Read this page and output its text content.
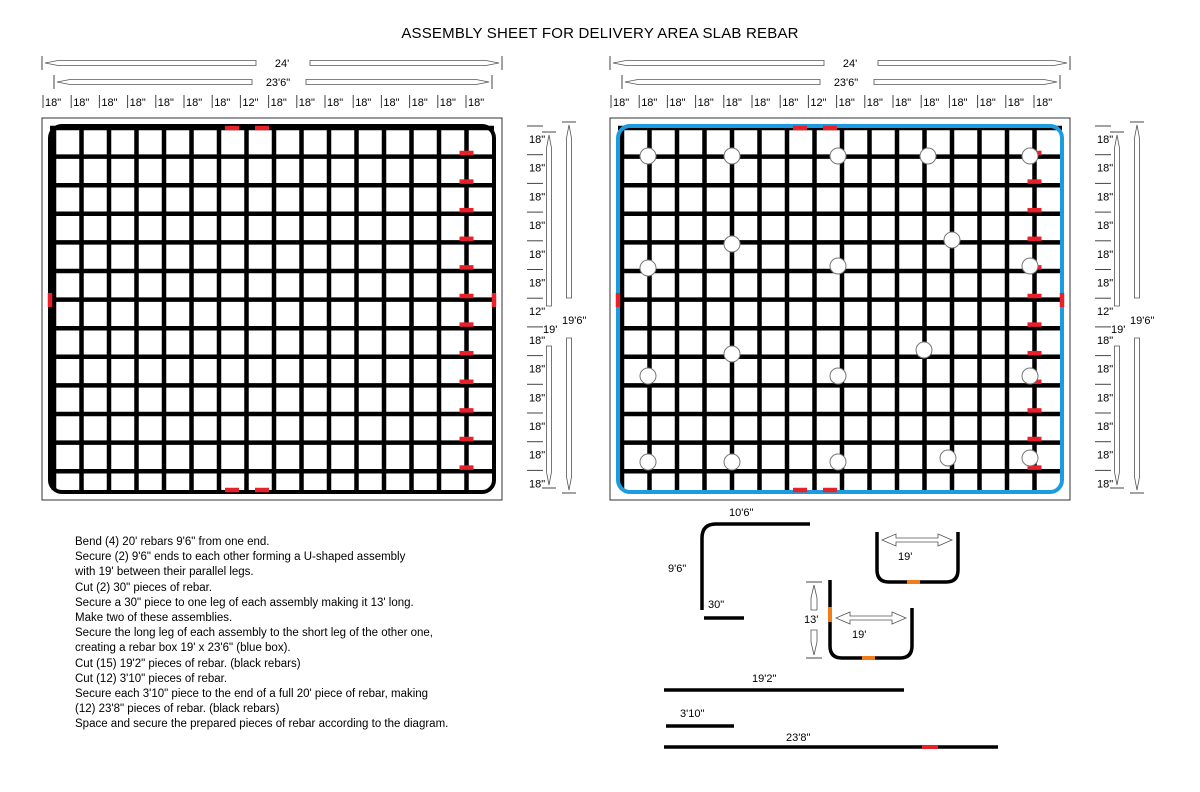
ASSEMBLY SHEET FOR DELIVERY AREA SLAB REBAR
18" 18" 18" 18" 18" 18" 18" 12" 18" 18" 18" 18" 18" 18" 18" 18"
24'
23'6"
18"
18"
18"
18"
18"
18"
12"
18"
18"
18"
18"
18"
18"
19'6"
19'
18" 18" 18" 18" 18" 18" 18" 12" 18" 18" 18" 18" 18" 18" 18" 18"
24'
23'6"
18"
18"
18"
18"
18"
18"
12"
18"
18"
18"
18"
18"
18"
19'6"
19'
10'6"
9'6"
30"
19'
19'
13'
19'2"
3'10"
23'8"
Bend (4) 20' rebars 9'6" from one end.
Secure (2) 9'6" ends to each other forming a U-shaped assembly
with 19' between their parallel legs.
Cut (2) 30" pieces of rebar.
Secure a 30" piece to one leg of each assembly making it 13' long.
Make two of these assemblies.
Secure the long leg of each assembly to the short leg of the other one,
creating a rebar box 19' x 23'6" (blue box).
Cut (15) 19'2" pieces of rebar. (black rebars)
Cut (12) 3'10" pieces of rebar.
Secure each 3'10" piece to the end of a full 20' piece of rebar, making
(12) 23'8" pieces of rebar. (black rebars)
Space and secure the prepared pieces of rebar according to the diagram.
